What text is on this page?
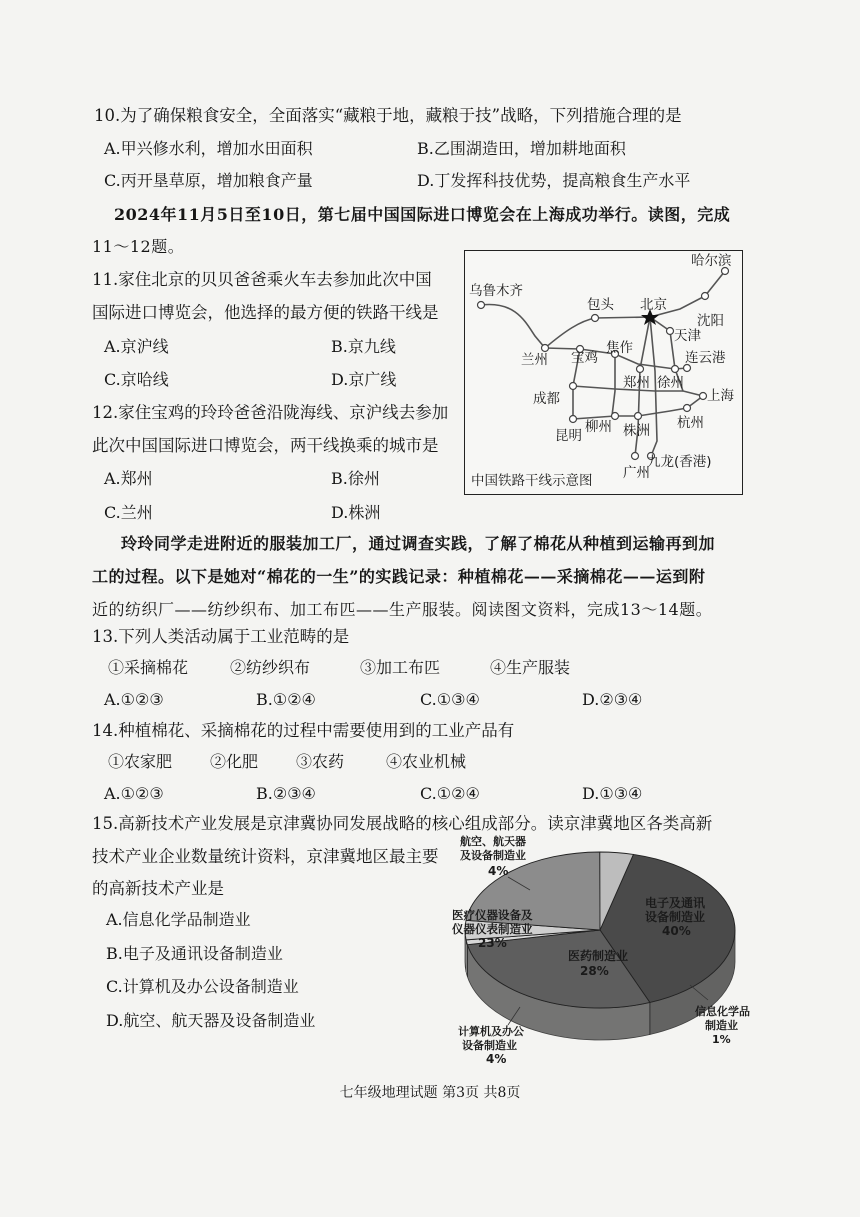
10.为了确保粮食安全，全面落实“藏粮于地，藏粮于技”战略，下列措施合理的是
A.甲兴修水利，增加水田面积	B.乙围湖造田，增加耕地面积
C.丙开垦草原，增加粮食产量	D.丁发挥科技优势，提高粮食生产水平
2024年11月5日至10日，第七届中国国际进口博览会在上海成功举行。读图，完成
11～12题。
11.家住北京的贝贝爸爸乘火车去参加此次中国
国际进口博览会，他选择的最方便的铁路干线是
A.京沪线	B.京九线
C.京哈线	D.京广线
12.家住宝鸡的玲玲爸爸沿陇海线、京沪线去参加
此次中国国际进口博览会，两干线换乘的城市是
A.郑州	B.徐州
C.兰州	D.株洲
乌鲁木齐
哈尔滨
包头 北京
沈阳
天津
兰州 宝鸡
焦作
连云港
成都
郑州 徐州
上海
昆明	株洲 杭州
柳州
广州
九龙(香港)
中国铁路干线示意图
玲玲同学走进附近的服装加工厂，通过调查实践，了解了棉花从种植到运输再到加
工的过程。以下是她对“棉花的一生”的实践记录：种植棉花——采摘棉花——运到附
近的纺织厂——纺纱织布、加工布匹——生产服装。阅读图文资料，完成13～14题。
13.下列人类活动属于工业范畴的是
①采摘棉花	②纺纱织布	③加工布匹	④生产服装
A.①②③	B.①②④	C.①③④	D.②③④
14.种植棉花、采摘棉花的过程中需要使用到的工业产品有
①农家肥 ②化肥 ③农药	④农业机械
A.①②③	B.②③④	C.①②④	D.①③④
15.高新技术产业发展是京津冀协同发展战略的核心组成部分。读京津冀地区各类高新
技术产业企业数量统计资料，京津冀地区最主要
的高新技术产业是
A.信息化学品制造业
B.电子及通讯设备制造业
C.计算机及办公设备制造业
D.航空、航天器及设备制造业
航空、航天器
及设备制造业
4%
电子及通讯
设备制造业
40%
医疗仪器设备及
仪器仪表制造业
23%
医药制造业
28%
信息化学品
制造业
1%
计算机及办公
设备制造业
4%
七年级地理试题 第3页 共8页
